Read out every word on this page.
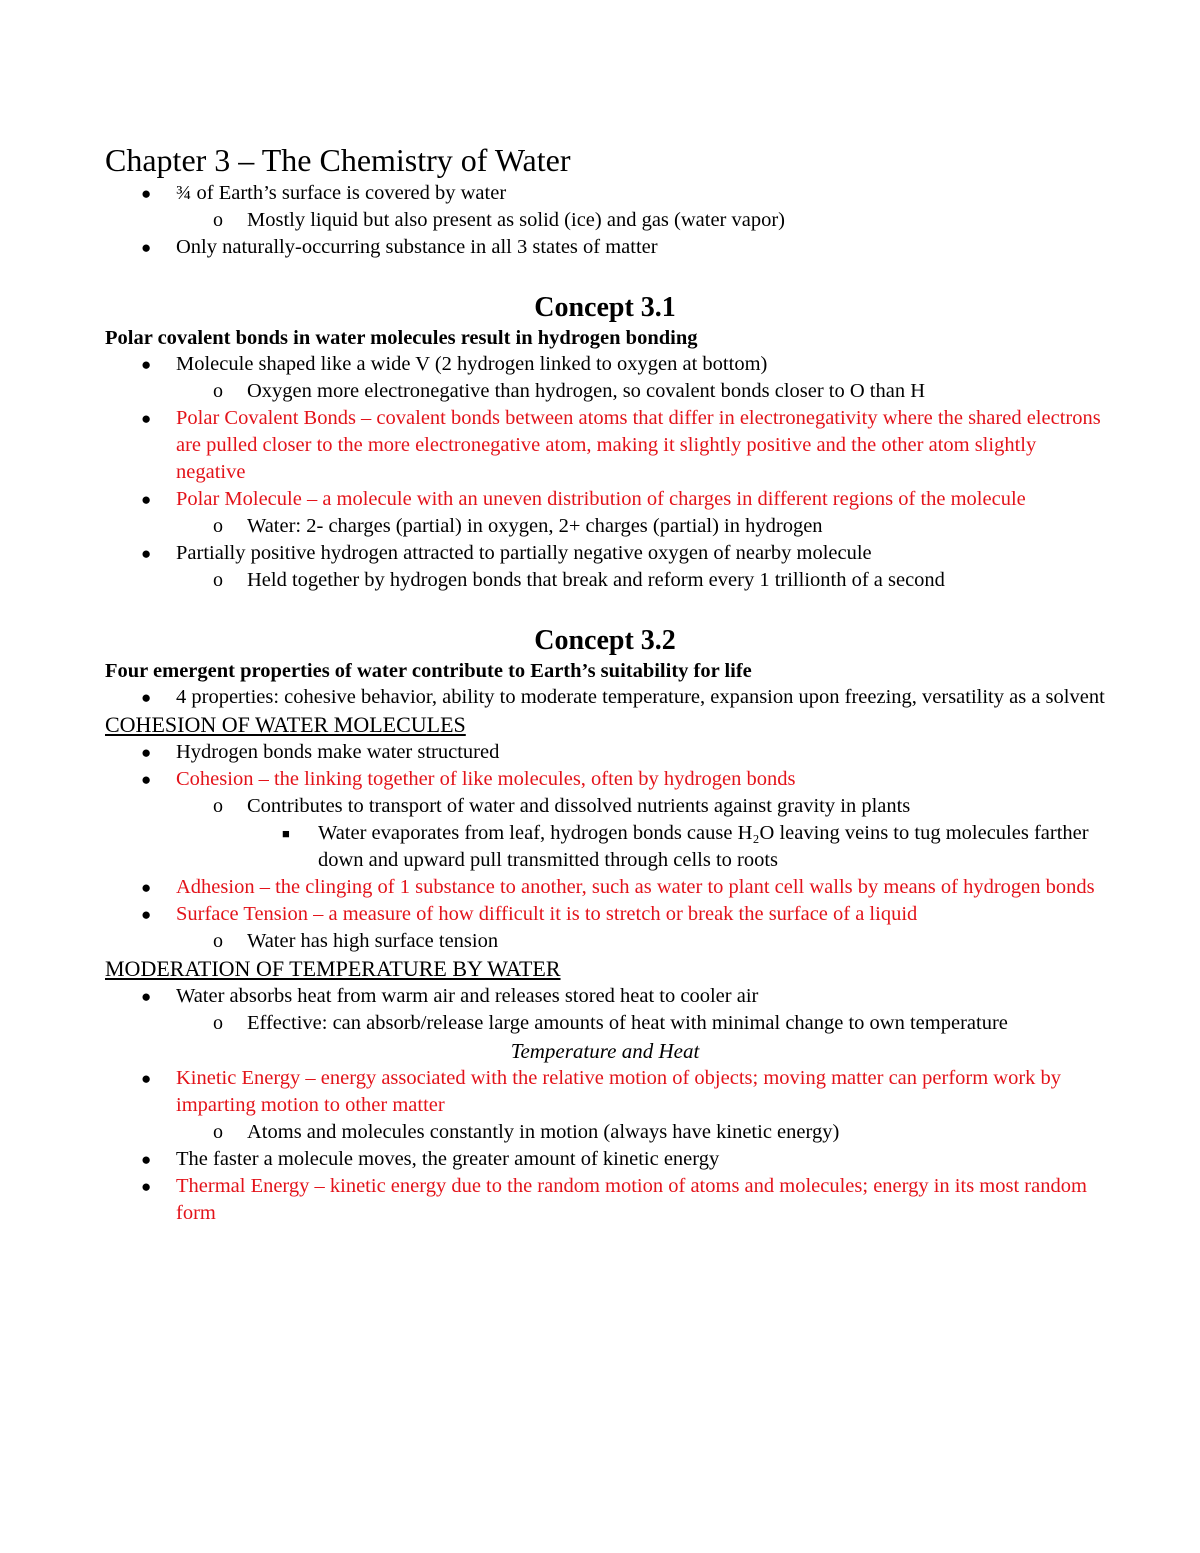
Chapter 3 – The Chemistry of Water
● ¾ of Earth’s surface is covered by water
o Mostly liquid but also present as solid (ice) and gas (water vapor)
● Only naturally-occurring substance in all 3 states of matter
Concept 3.1
Polar covalent bonds in water molecules result in hydrogen bonding
● Molecule shaped like a wide V (2 hydrogen linked to oxygen at bottom)
o Oxygen more electronegative than hydrogen, so covalent bonds closer to O than H
● Polar Covalent Bonds – covalent bonds between atoms that differ in electronegativity where the shared electrons are pulled closer to the more electronegative atom, making it slightly positive and the other atom slightly negative
● Polar Molecule – a molecule with an uneven distribution of charges in different regions of the molecule
o Water: 2- charges (partial) in oxygen, 2+ charges (partial) in hydrogen
● Partially positive hydrogen attracted to partially negative oxygen of nearby molecule
o Held together by hydrogen bonds that break and reform every 1 trillionth of a second
Concept 3.2
Four emergent properties of water contribute to Earth’s suitability for life
● 4 properties: cohesive behavior, ability to moderate temperature, expansion upon freezing, versatility as a solvent
COHESION OF WATER MOLECULES
● Hydrogen bonds make water structured
● Cohesion – the linking together of like molecules, often by hydrogen bonds
o Contributes to transport of water and dissolved nutrients against gravity in plants
■ Water evaporates from leaf, hydrogen bonds cause H₂O leaving veins to tug molecules farther down and upward pull transmitted through cells to roots
● Adhesion – the clinging of 1 substance to another, such as water to plant cell walls by means of hydrogen bonds
● Surface Tension – a measure of how difficult it is to stretch or break the surface of a liquid
o Water has high surface tension
MODERATION OF TEMPERATURE BY WATER
● Water absorbs heat from warm air and releases stored heat to cooler air
o Effective: can absorb/release large amounts of heat with minimal change to own temperature
Temperature and Heat
● Kinetic Energy – energy associated with the relative motion of objects; moving matter can perform work by imparting motion to other matter
o Atoms and molecules constantly in motion (always have kinetic energy)
● The faster a molecule moves, the greater amount of kinetic energy
● Thermal Energy – kinetic energy due to the random motion of atoms and molecules; energy in its most random form
